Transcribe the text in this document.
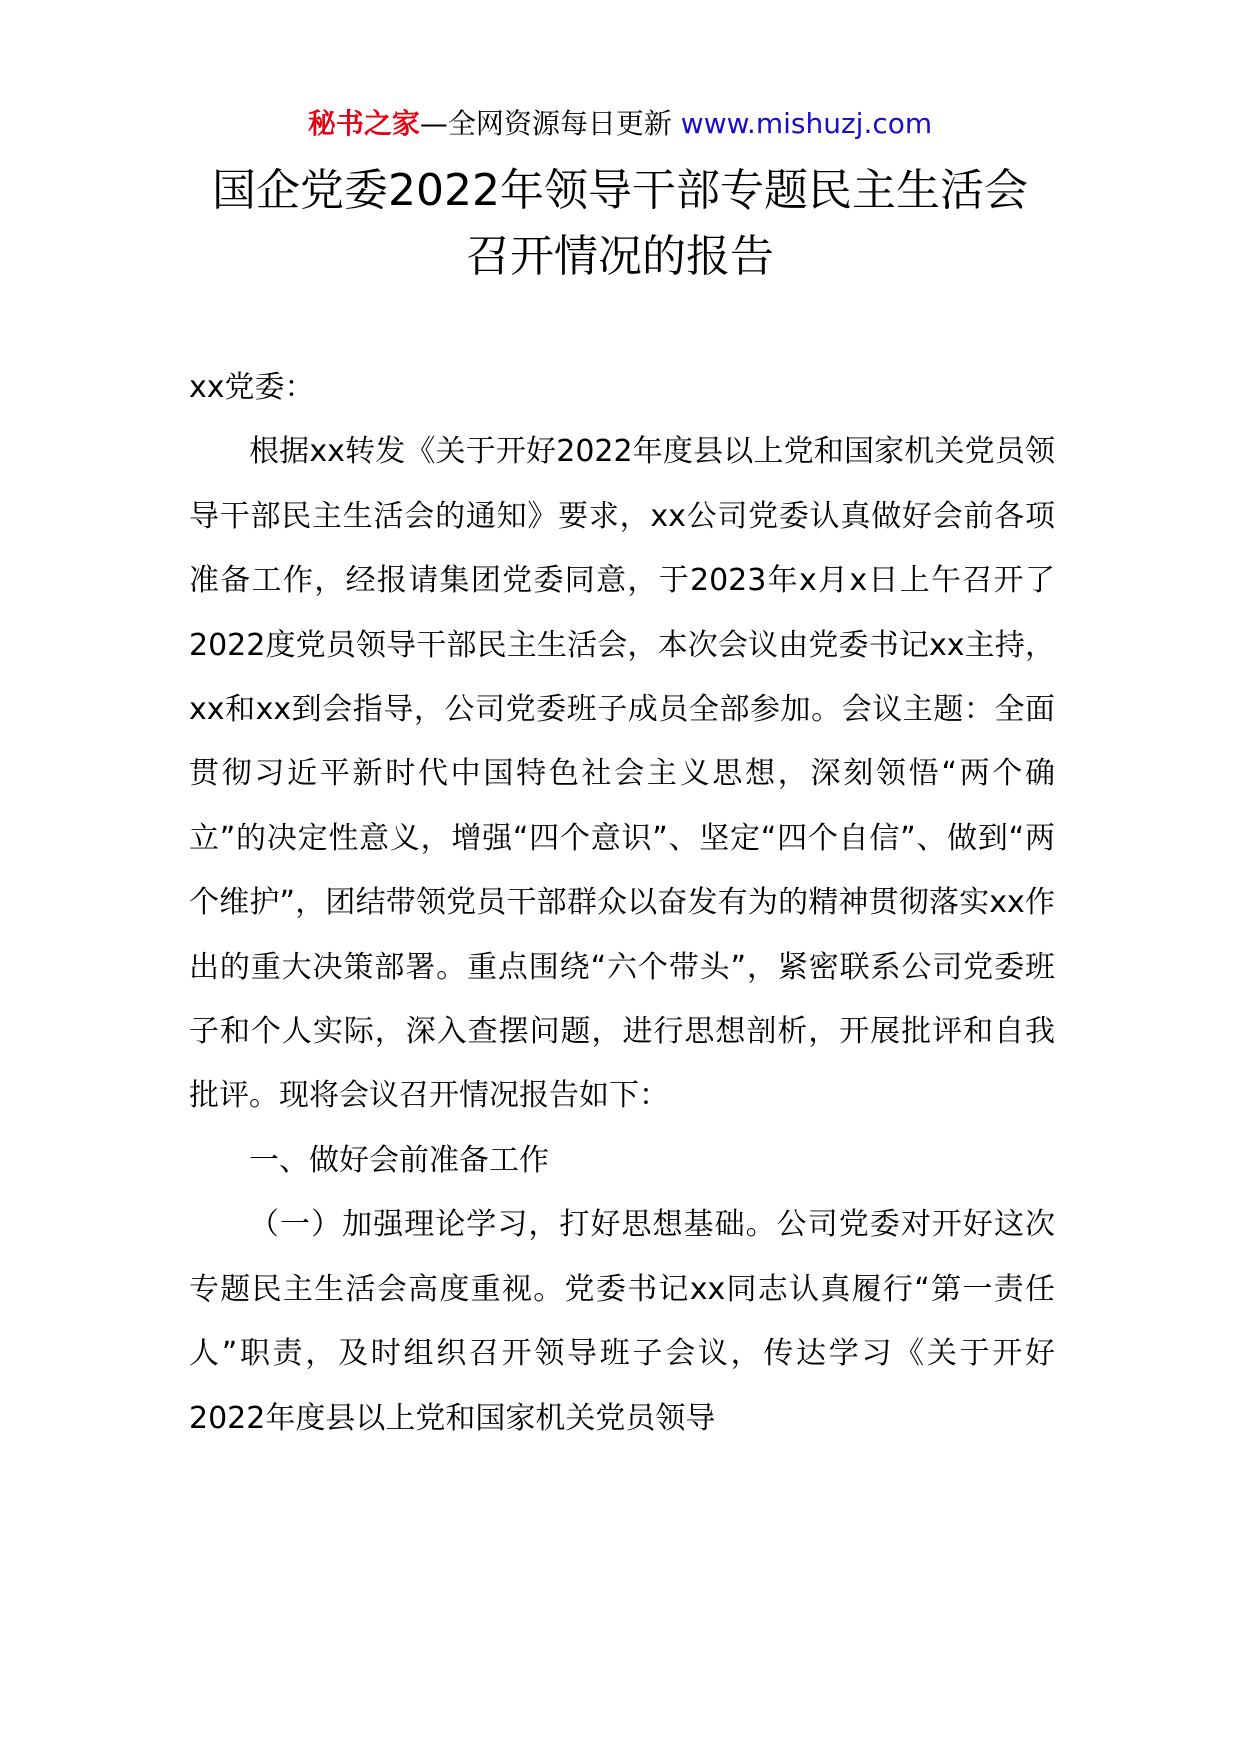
秘书之家—全网资源每日更新 www.mishuzj.com
国企党委2022年领导干部专题民主生活会
召开情况的报告

xx党委：

根据xx转发《关于开好2022年度县以上党和国家机关党员领导干部民主生活会的通知》要求，xx公司党委认真做好会前各项准备工作，经报请集团党委同意，于2023年x月x日上午召开了2022度党员领导干部民主生活会，本次会议由党委书记xx主持，xx和xx到会指导，公司党委班子成员全部参加。会议主题：全面贯彻习近平新时代中国特色社会主义思想，深刻领悟“两个确立”的决定性意义，增强“四个意识”、坚定“四个自信”、做到“两个维护”，团结带领党员干部群众以奋发有为的精神贯彻落实xx作出的重大决策部署。重点围绕“六个带头”，紧密联系公司党委班子和个人实际，深入查摆问题，进行思想剖析，开展批评和自我批评。现将会议召开情况报告如下：

一、做好会前准备工作

（一）加强理论学习，打好思想基础。公司党委对开好这次专题民主生活会高度重视。党委书记xx同志认真履行“第一责任人”职责，及时组织召开领导班子会议，传达学习《关于开好2022年度县以上党和国家机关党员领导
